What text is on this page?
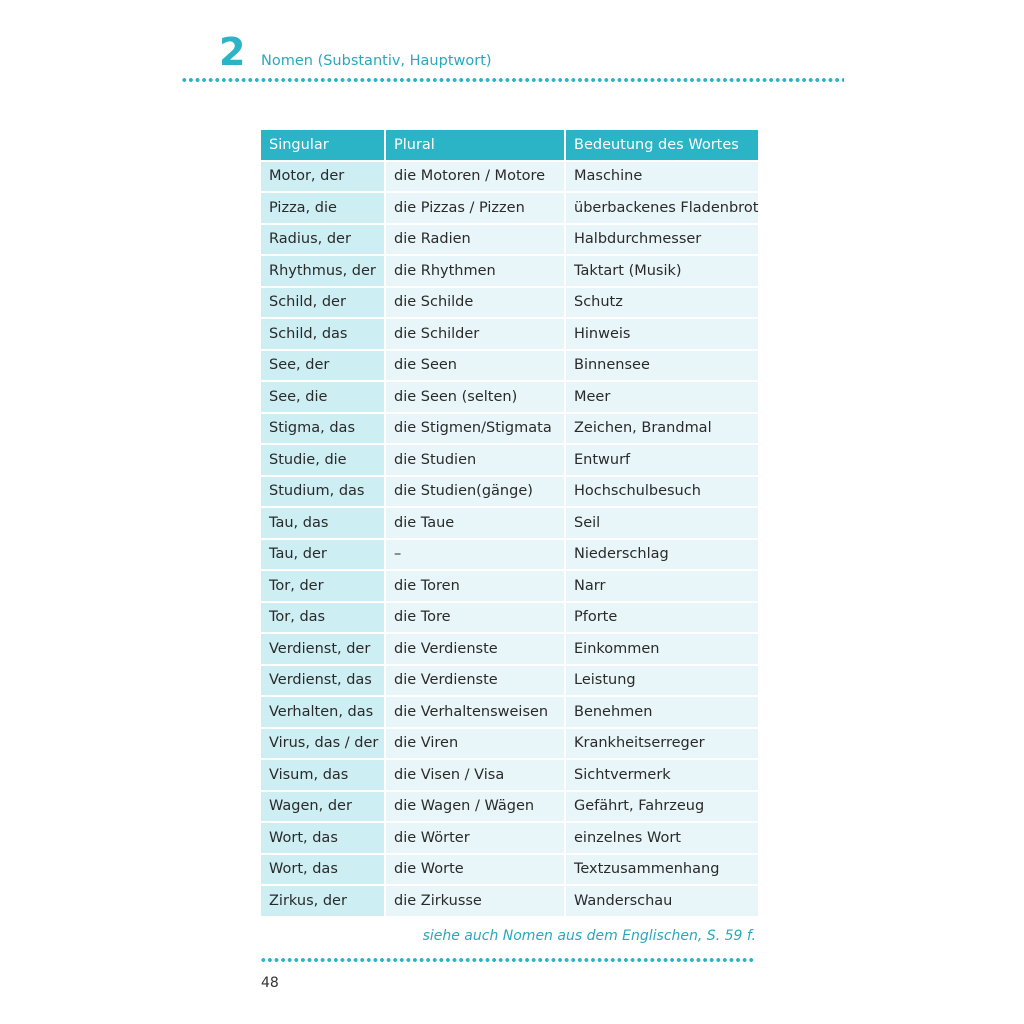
2 Nomen (Substantiv, Hauptwort)
Singular	Plural	Bedeutung des Wortes
Motor, der	die Motoren / Motore	Maschine
Pizza, die	die Pizzas / Pizzen	überbackenes Fladenbrot
Radius, der	die Radien	Halbdurchmesser
Rhythmus, der	die Rhythmen	Taktart (Musik)
Schild, der	die Schilde	Schutz
Schild, das	die Schilder	Hinweis
See, der	die Seen	Binnensee
See, die	die Seen (selten)	Meer
Stigma, das	die Stigmen/Stigmata	Zeichen, Brandmal
Studie, die	die Studien	Entwurf
Studium, das	die Studien(gänge)	Hochschulbesuch
Tau, das	die Taue	Seil
Tau, der	–	Niederschlag
Tor, der	die Toren	Narr
Tor, das	die Tore	Pforte
Verdienst, der	die Verdienste	Einkommen
Verdienst, das	die Verdienste	Leistung
Verhalten, das	die Verhaltensweisen	Benehmen
Virus, das / der	die Viren	Krankheitserreger
Visum, das	die Visen / Visa	Sichtvermerk
Wagen, der	die Wagen / Wägen	Gefährt, Fahrzeug
Wort, das	die Wörter	einzelnes Wort
Wort, das	die Worte	Textzusammenhang
Zirkus, der	die Zirkusse	Wanderschau
siehe auch Nomen aus dem Englischen, S. 59 f.
48
